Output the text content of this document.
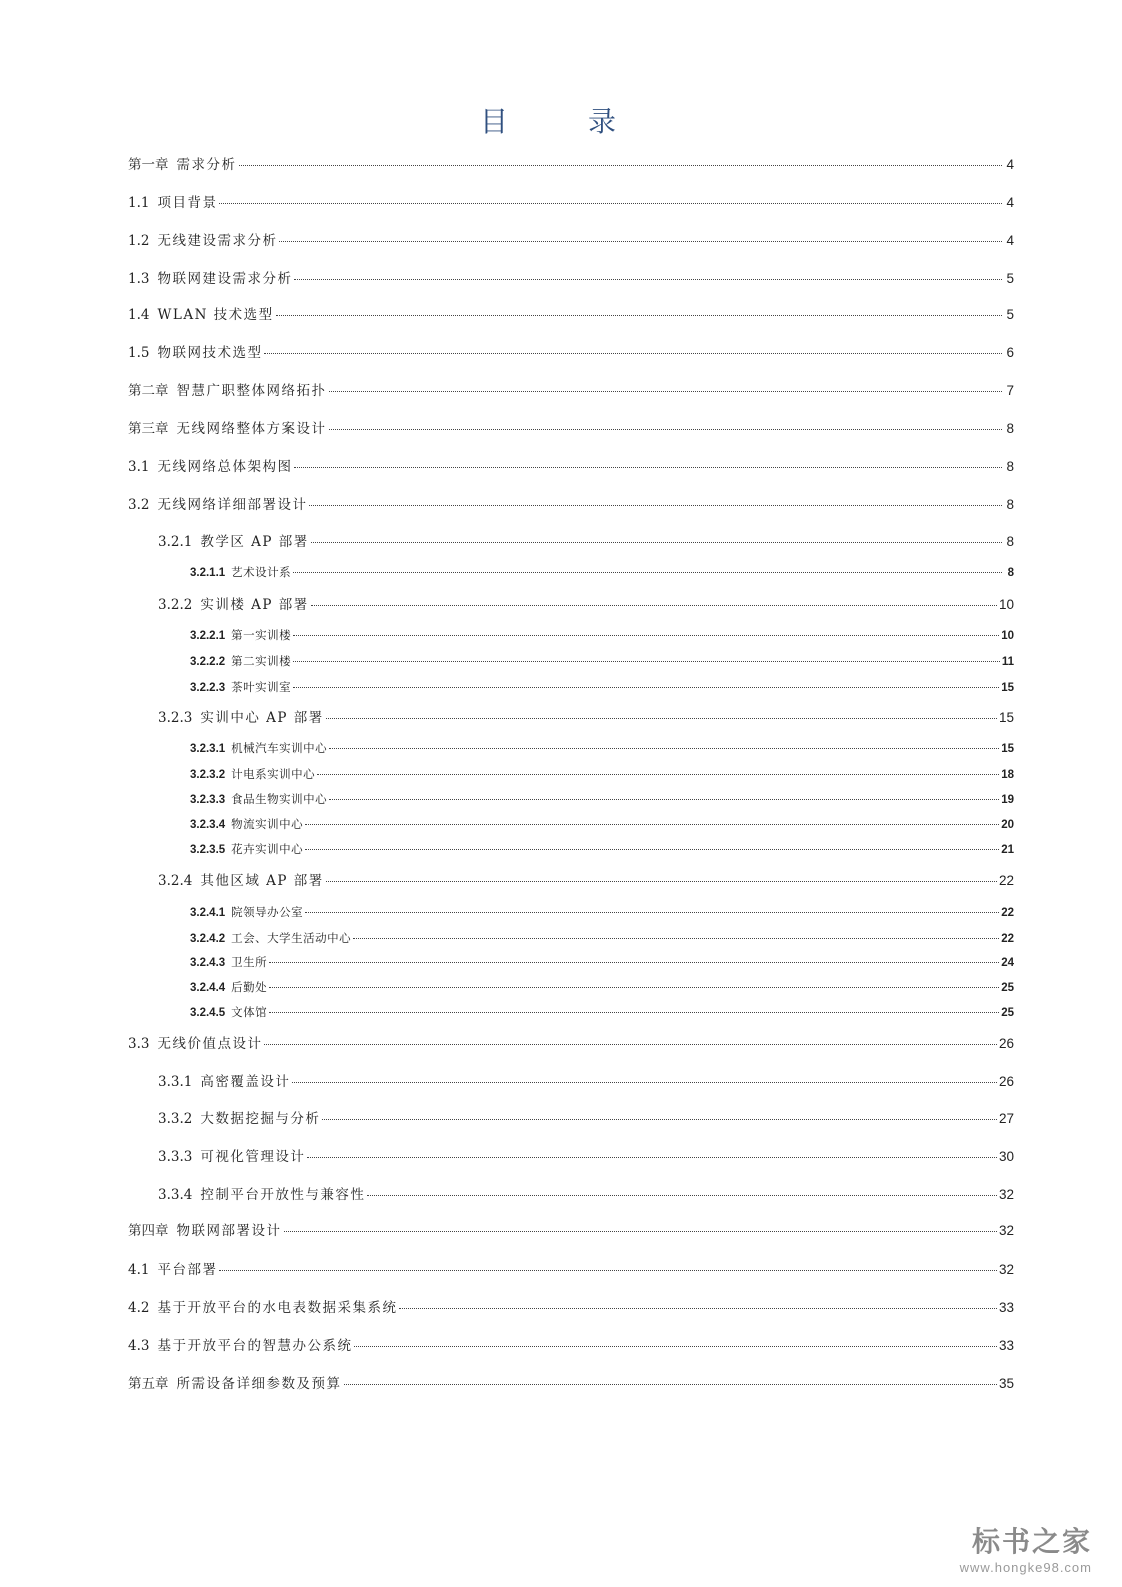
目　录
第一章 需求分析	4
1.1 项目背景	4
1.2 无线建设需求分析	4
1.3 物联网建设需求分析	5
1.4 WLAN 技术选型	5
1.5 物联网技术选型	6
第二章 智慧广职整体网络拓扑	7
第三章 无线网络整体方案设计	8
3.1 无线网络总体架构图	8
3.2 无线网络详细部署设计	8
3.2.1 教学区 AP 部署	8
3.2.1.1 艺术设计系	8
3.2.2 实训楼 AP 部署	10
3.2.2.1 第一实训楼	10
3.2.2.2 第二实训楼	11
3.2.2.3 茶叶实训室	15
3.2.3 实训中心 AP 部署	15
3.2.3.1 机械汽车实训中心	15
3.2.3.2 计电系实训中心	18
3.2.3.3 食品生物实训中心	19
3.2.3.4 物流实训中心	20
3.2.3.5 花卉实训中心	21
3.2.4 其他区域 AP 部署	22
3.2.4.1 院领导办公室	22
3.2.4.2 工会、大学生活动中心	22
3.2.4.3 卫生所	24
3.2.4.4 后勤处	25
3.2.4.5 文体馆	25
3.3 无线价值点设计	26
3.3.1 高密覆盖设计	26
3.3.2 大数据挖掘与分析	27
3.3.3 可视化管理设计	30
3.3.4 控制平台开放性与兼容性	32
第四章 物联网部署设计	32
4.1 平台部署	32
4.2 基于开放平台的水电表数据采集系统	33
4.3 基于开放平台的智慧办公系统	33
第五章 所需设备详细参数及预算	35
标书之家
www.hongke98.com
